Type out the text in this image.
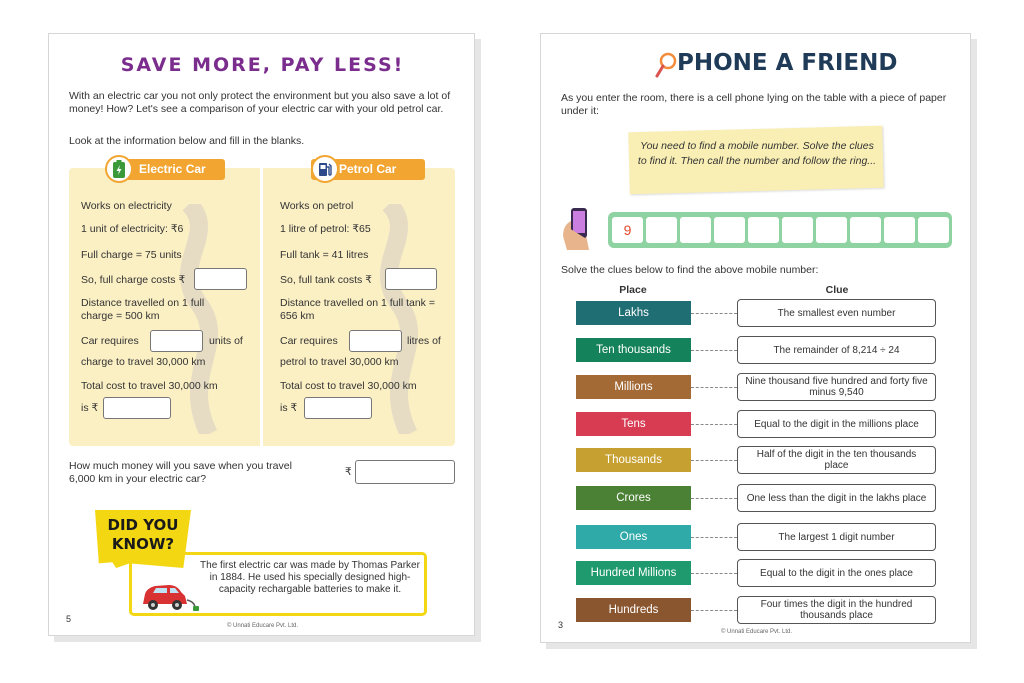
SAVE MORE, PAY LESS!
With an electric car you not only protect the environment but you also save a lot of money! How? Let's see a comparison of your electric car with your old petrol car.
Look at the information below and fill in the blanks.
Electric Car	Petrol Car
Works on electricity
1 unit of electricity: ₹6
Full charge = 75 units
So, full charge costs ₹
Distance travelled on 1 full charge = 500 km
Car requires	units of
charge to travel 30,000 km
Total cost to travel 30,000 km
is ₹
Works on petrol
1 litre of petrol: ₹65
Full tank = 41 litres
So, full tank costs ₹
Distance travelled on 1 full tank = 656 km
Car requires	litres of
petrol to travel 30,000 km
Total cost to travel 30,000 km
is ₹
How much money will you save when you travel 6,000 km in your electric car?
₹
DID YOU KNOW?
The first electric car was made by Thomas Parker in 1884. He used his specially designed high-capacity rechargable batteries to make it.
5
© Unnati Educare Pvt. Ltd.
PHONE A FRIEND
As you enter the room, there is a cell phone lying on the table with a piece of paper under it:
You need to find a mobile number. Solve the clues to find it. Then call the number and follow the ring...
9
Solve the clues below to find the above mobile number:
Place	Clue
Lakhs	The smallest even number
Ten thousands	The remainder of 8,214 ÷ 24
Millions	Nine thousand five hundred and forty five minus 9,540
Tens	Equal to the digit in the millions place
Thousands	Half of the digit in the ten thousands place
Crores	One less than the digit in the lakhs place
Ones	The largest 1 digit number
Hundred Millions	Equal to the digit in the ones place
Hundreds	Four times the digit in the hundred thousands place
3
© Unnati Educare Pvt. Ltd.
